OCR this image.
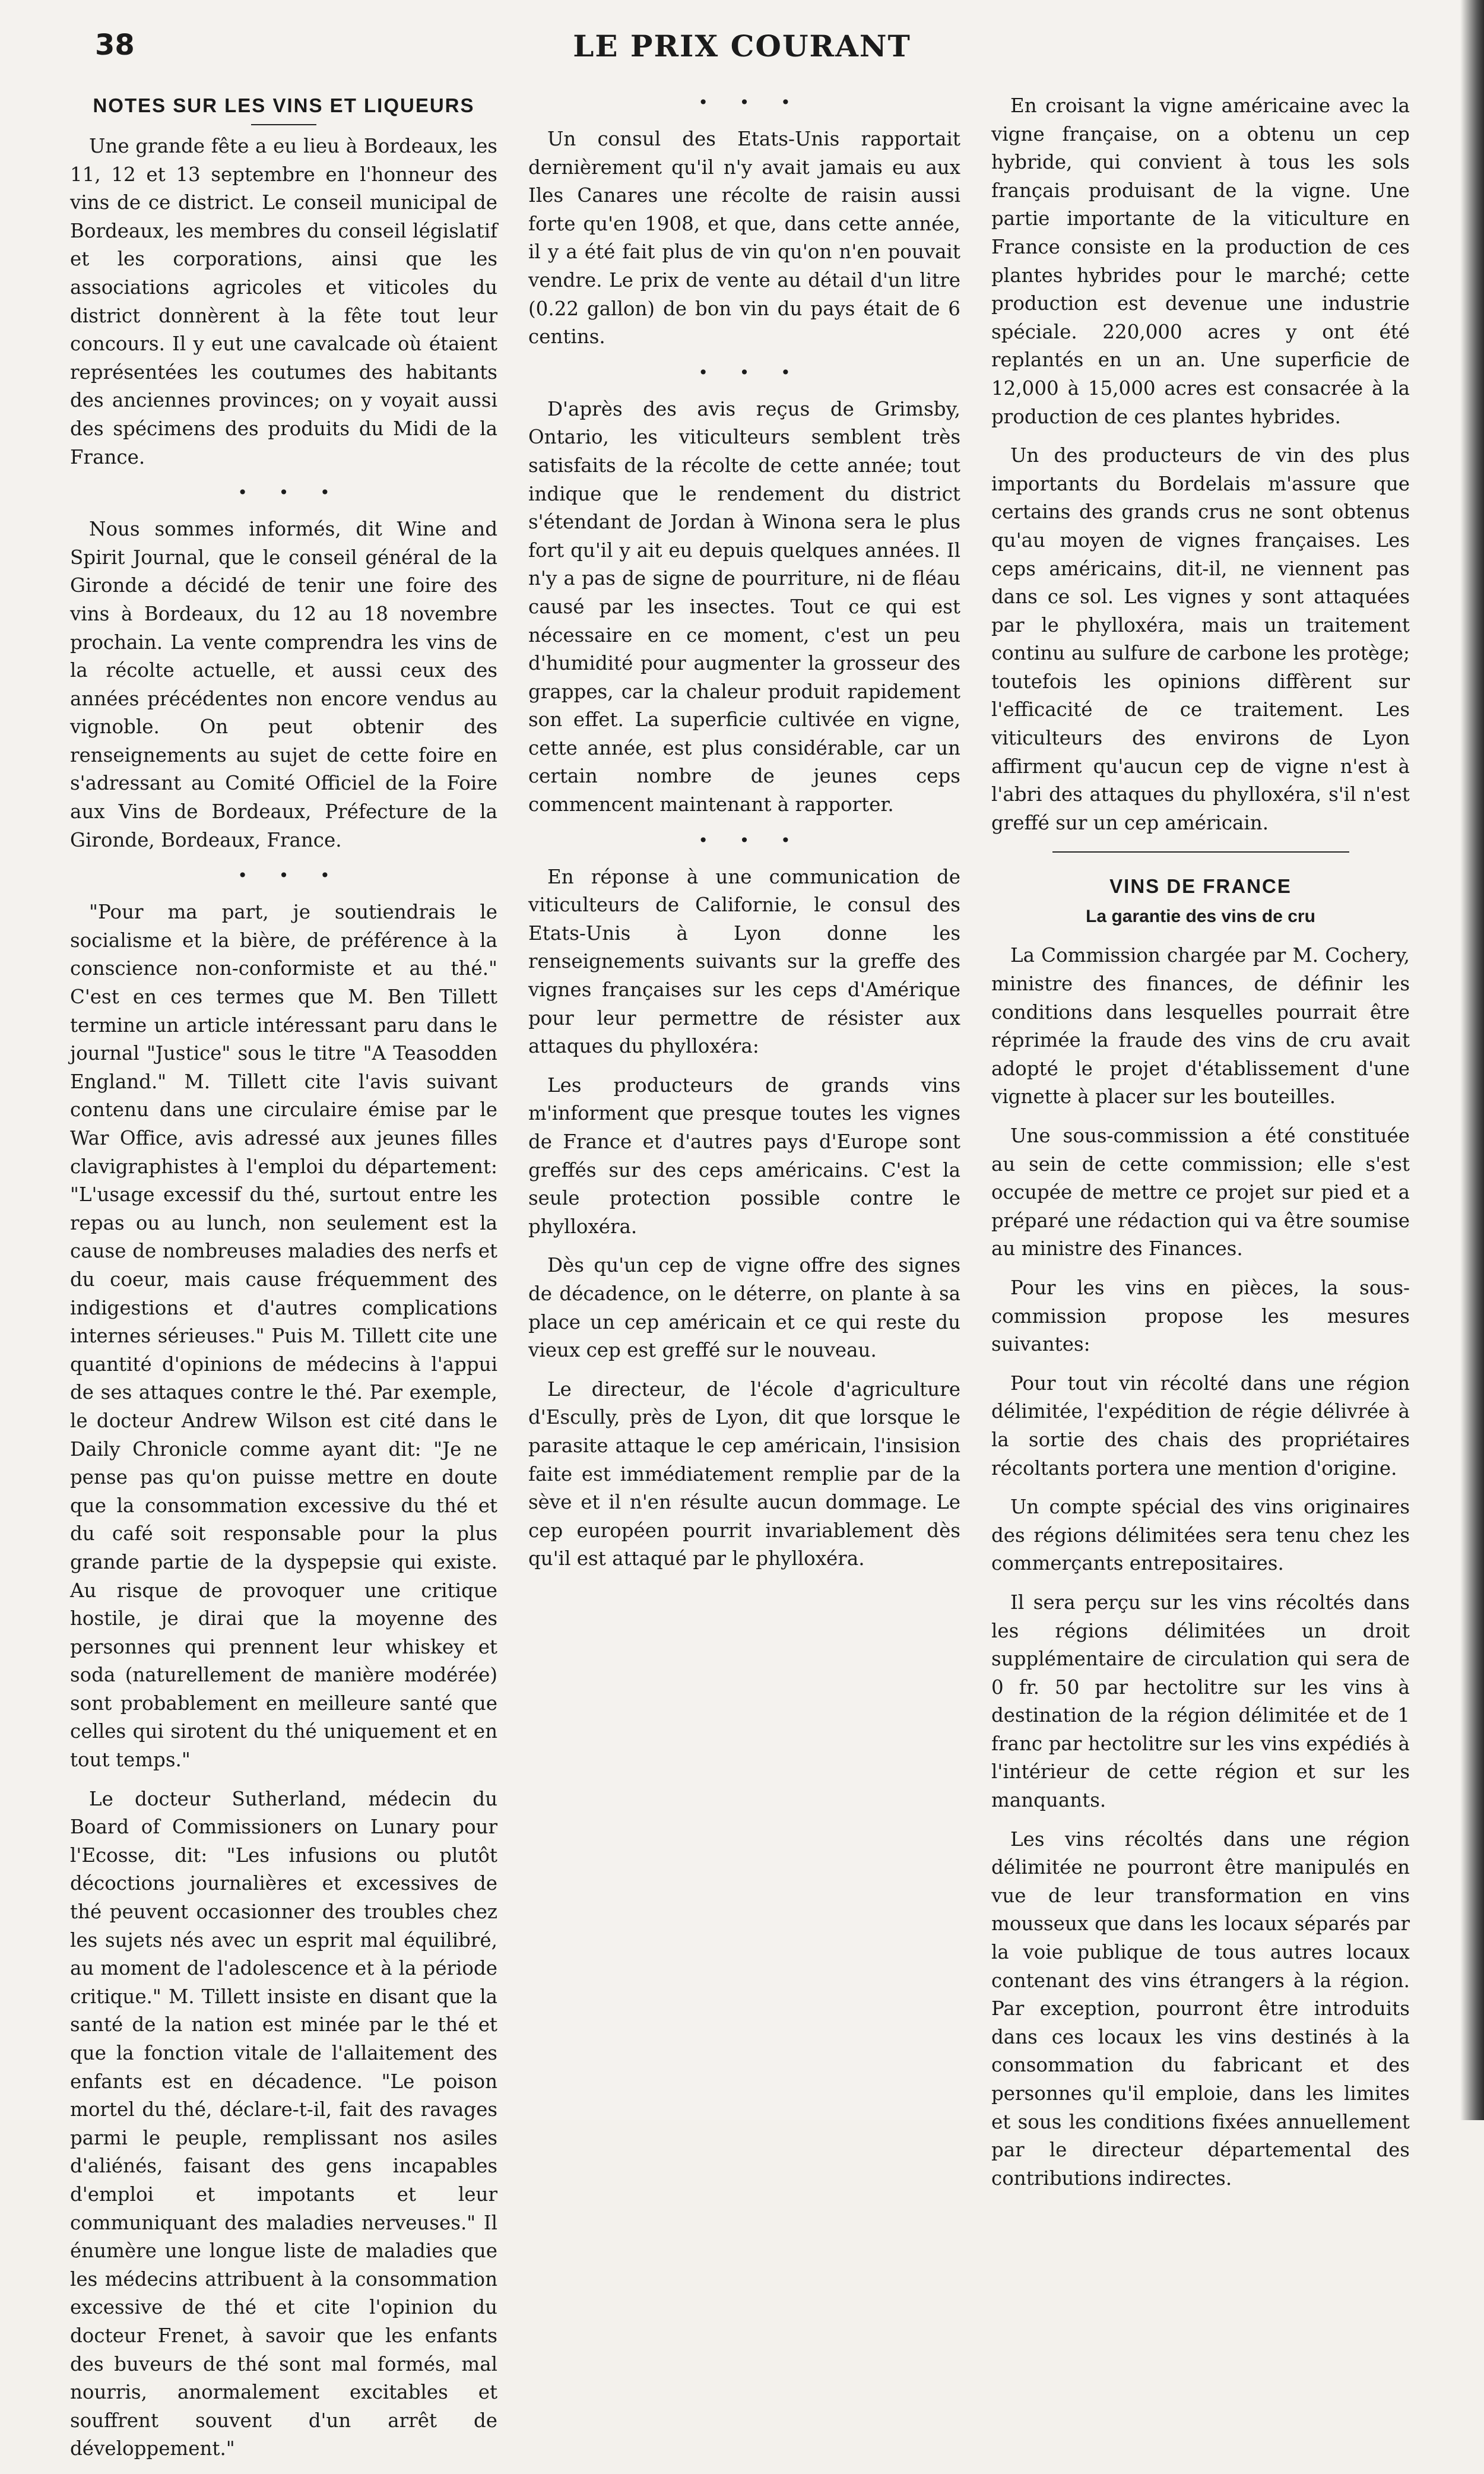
38	LE PRIX COURANT
NOTES SUR LES VINS ET LIQUEURS

Une grande fête a eu lieu à Bordeaux, les 11, 12 et 13 septembre en l'honneur des vins de ce district. Le conseil municipal de Bordeaux, les membres du conseil législatif et les corporations, ainsi que les associations agricoles et viticoles du district donnèrent à la fête tout leur concours. Il y eut une cavalcade où étaient représentées les coutumes des habitants des anciennes provinces; on y voyait aussi des spécimens des produits du Midi de la France.

• • •

Nous sommes informés, dit Wine and Spirit Journal, que le conseil général de la Gironde a décidé de tenir une foire des vins à Bordeaux, du 12 au 18 novembre prochain. La vente comprendra les vins de la récolte actuelle, et aussi ceux des années précédentes non encore vendus au vignoble. On peut obtenir des renseignements au sujet de cette foire en s'adressant au Comité Officiel de la Foire aux Vins de Bordeaux, Préfecture de la Gironde, Bordeaux, France.

• • •

"Pour ma part, je soutiendrais le socialisme et la bière, de préférence à la conscience non-conformiste et au thé." C'est en ces termes que M. Ben Tillett termine un article intéressant paru dans le journal "Justice" sous le titre "A Teasodden England." M. Tillett cite l'avis suivant contenu dans une circulaire émise par le War Office, avis adressé aux jeunes filles clavigraphistes à l'emploi du département: "L'usage excessif du thé, surtout entre les repas ou au lunch, non seulement est la cause de nombreuses maladies des nerfs et du coeur, mais cause fréquemment des indigestions et d'autres complications internes sérieuses." Puis M. Tillett cite une quantité d'opinions de médecins à l'appui de ses attaques contre le thé. Par exemple, le docteur Andrew Wilson est cité dans le Daily Chronicle comme ayant dit: "Je ne pense pas qu'on puisse mettre en doute que la consommation excessive du thé et du café soit responsable pour la plus grande partie de la dyspepsie qui existe. Au risque de provoquer une critique hostile, je dirai que la moyenne des personnes qui prennent leur whiskey et soda (naturellement de manière modérée) sont probablement en meilleure santé que celles qui sirotent du thé uniquement et en tout temps."

Le docteur Sutherland, médecin du Board of Commissioners on Lunary pour l'Ecosse, dit: "Les infusions ou plutôt décoctions journalières et excessives de thé peuvent occasionner des troubles chez les sujets nés avec un esprit mal équilibré, au moment de l'adolescence et à la période critique." M. Tillett insiste en disant que la santé de la nation est minée par le thé et que la fonction vitale de l'allaitement des enfants est en décadence. "Le poison mortel du thé, déclare-t-il, fait des ravages parmi le peuple, remplissant nos asiles d'aliénés, faisant des gens incapables d'emploi et impotants et leur communiquant des maladies nerveuses." Il énumère une longue liste de maladies que les médecins attribuent à la consommation excessive de thé et cite l'opinion du docteur Frenet, à savoir que les enfants des buveurs de thé sont mal formés, mal nourris, anormalement excitables et souffrent souvent d'un arrêt de développement."

• • •

Un consul des Etats-Unis rapportait dernièrement qu'il n'y avait jamais eu aux Iles Canares une récolte de raisin aussi forte qu'en 1908, et que, dans cette année, il y a été fait plus de vin qu'on n'en pouvait vendre. Le prix de vente au détail d'un litre (0.22 gallon) de bon vin du pays était de 6 centins.

• • •

D'après des avis reçus de Grimsby, Ontario, les viticulteurs semblent très satisfaits de la récolte de cette année; tout indique que le rendement du district s'étendant de Jordan à Winona sera le plus fort qu'il y ait eu depuis quelques années. Il n'y a pas de signe de pourriture, ni de fléau causé par les insectes. Tout ce qui est nécessaire en ce moment, c'est un peu d'humidité pour augmenter la grosseur des grappes, car la chaleur produit rapidement son effet. La superficie cultivée en vigne, cette année, est plus considérable, car un certain nombre de jeunes ceps commencent maintenant à rapporter.

• • •

En réponse à une communication de viticulteurs de Californie, le consul des Etats-Unis à Lyon donne les renseignements suivants sur la greffe des vignes françaises sur les ceps d'Amérique pour leur permettre de résister aux attaques du phylloxéra:

Les producteurs de grands vins m'informent que presque toutes les vignes de France et d'autres pays d'Europe sont greffés sur des ceps américains. C'est la seule protection possible contre le phylloxéra.

Dès qu'un cep de vigne offre des signes de décadence, on le déterre, on plante à sa place un cep américain et ce qui reste du vieux cep est greffé sur le nouveau.

Le directeur, de l'école d'agriculture d'Escully, près de Lyon, dit que lorsque le parasite attaque le cep américain, l'insision faite est immédiatement remplie par de la sève et il n'en résulte aucun dommage. Le cep européen pourrit invariablement dès qu'il est attaqué par le phylloxéra.

En croisant la vigne américaine avec la vigne française, on a obtenu un cep hybride, qui convient à tous les sols français produisant de la vigne. Une partie importante de la viticulture en France consiste en la production de ces plantes hybrides pour le marché; cette production est devenue une industrie spéciale. 220,000 acres y ont été replantés en un an. Une superficie de 12,000 à 15,000 acres est consacrée à la production de ces plantes hybrides.

Un des producteurs de vin des plus importants du Bordelais m'assure que certains des grands crus ne sont obtenus qu'au moyen de vignes françaises. Les ceps américains, dit-il, ne viennent pas dans ce sol. Les vignes y sont attaquées par le phylloxéra, mais un traitement continu au sulfure de carbone les protège; toutefois les opinions diffèrent sur l'efficacité de ce traitement. Les viticulteurs des environs de Lyon affirment qu'aucun cep de vigne n'est à l'abri des attaques du phylloxéra, s'il n'est greffé sur un cep américain.

VINS DE FRANCE
La garantie des vins de cru

La Commission chargée par M. Cochery, ministre des finances, de définir les conditions dans lesquelles pourrait être réprimée la fraude des vins de cru avait adopté le projet d'établissement d'une vignette à placer sur les bouteilles.

Une sous-commission a été constituée au sein de cette commission; elle s'est occupée de mettre ce projet sur pied et a préparé une rédaction qui va être soumise au ministre des Finances.

Pour les vins en pièces, la sous-commission propose les mesures suivantes:

Pour tout vin récolté dans une région délimitée, l'expédition de régie délivrée à la sortie des chais des propriétaires récoltants portera une mention d'origine.

Un compte spécial des vins originaires des régions délimitées sera tenu chez les commerçants entrepositaires.

Il sera perçu sur les vins récoltés dans les régions délimitées un droit supplémentaire de circulation qui sera de 0 fr. 50 par hectolitre sur les vins à destination de la région délimitée et de 1 franc par hectolitre sur les vins expédiés à l'intérieur de cette région et sur les manquants.

Les vins récoltés dans une région délimitée ne pourront être manipulés en vue de leur transformation en vins mousseux que dans les locaux séparés par la voie publique de tous autres locaux contenant des vins étrangers à la région. Par exception, pourront être introduits dans ces locaux les vins destinés à la consommation du fabricant et des personnes qu'il emploie, dans les limites et sous les conditions fixées annuellement par le directeur départemental des contributions indirectes.
